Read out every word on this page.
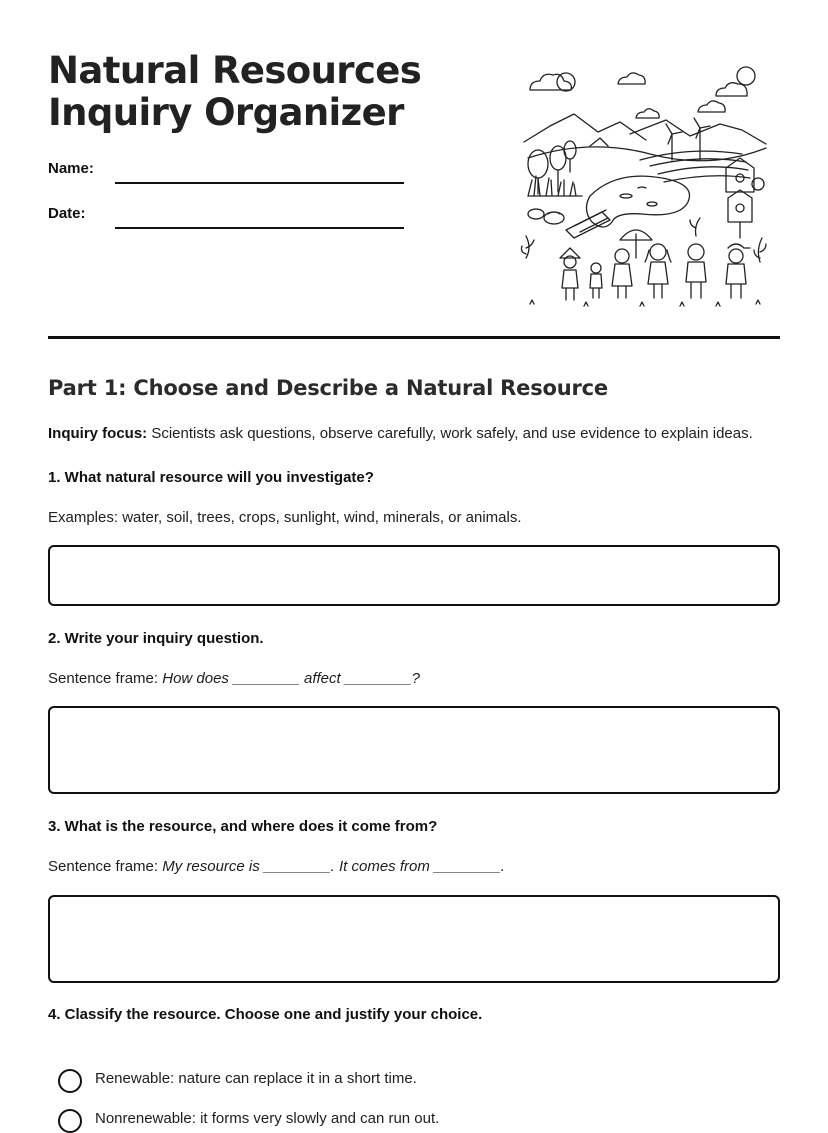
Natural Resources
Inquiry Organizer
Name:
Date:
Part 1: Choose and Describe a Natural Resource
Inquiry focus: Scientists ask questions, observe carefully, work safely, and use evidence to explain ideas.
1. What natural resource will you investigate?
Examples: water, soil, trees, crops, sunlight, wind, minerals, or animals.
2. Write your inquiry question.
Sentence frame: How does ________ affect ________?
3. What is the resource, and where does it come from?
Sentence frame: My resource is ________. It comes from ________.
4. Classify the resource. Choose one and justify your choice.
Renewable: nature can replace it in a short time.
Nonrenewable: it forms very slowly and can run out.
